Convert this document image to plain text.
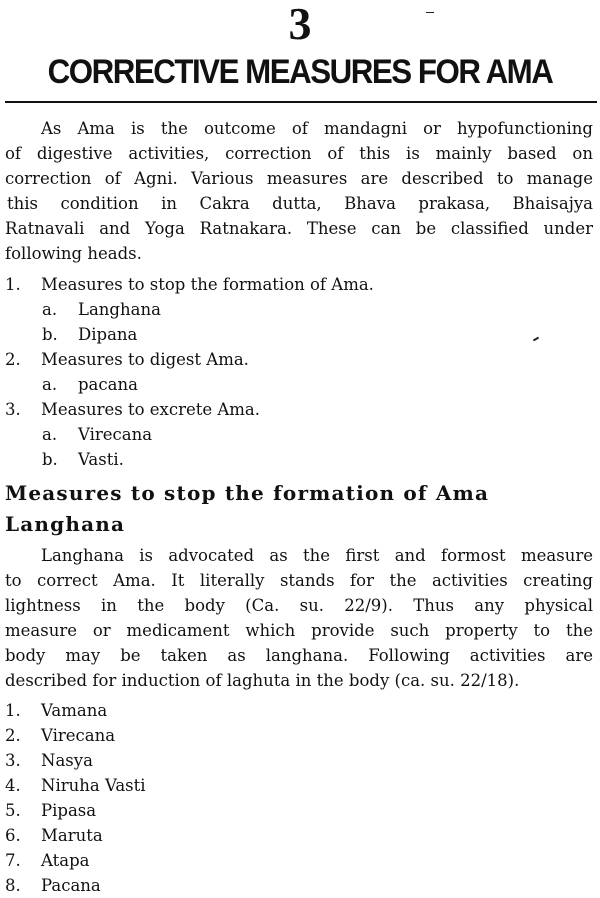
3
CORRECTIVE MEASURES FOR AMA
As Ama is the outcome of mandagni or hypofunctioning
of digestive activities, correction of this is mainly based on
correction of Agni. Various measures are described to manage
this condition in Cakra dutta, Bhava prakasa, Bhaisajya
Ratnavali and Yoga Ratnakara. These can be classified under
following heads.
1. Measures to stop the formation of Ama.
a. Langhana
b. Dipana
2. Measures to digest Ama.
a. pacana
3. Measures to excrete Ama.
a. Virecana
b. Vasti.
Measures to stop the formation of Ama
Langhana
Langhana is advocated as the first and formost measure
to correct Ama. It literally stands for the activities creating
lightness in the body (Ca. su. 22/9). Thus any physical
measure or medicament which provide such property to the
body may be taken as langhana. Following activities are
described for induction of laghuta in the body (ca. su. 22/18).
1. Vamana
2. Virecana
3. Nasya
4. Niruha Vasti
5. Pipasa
6. Maruta
7. Atapa
8. Pacana
